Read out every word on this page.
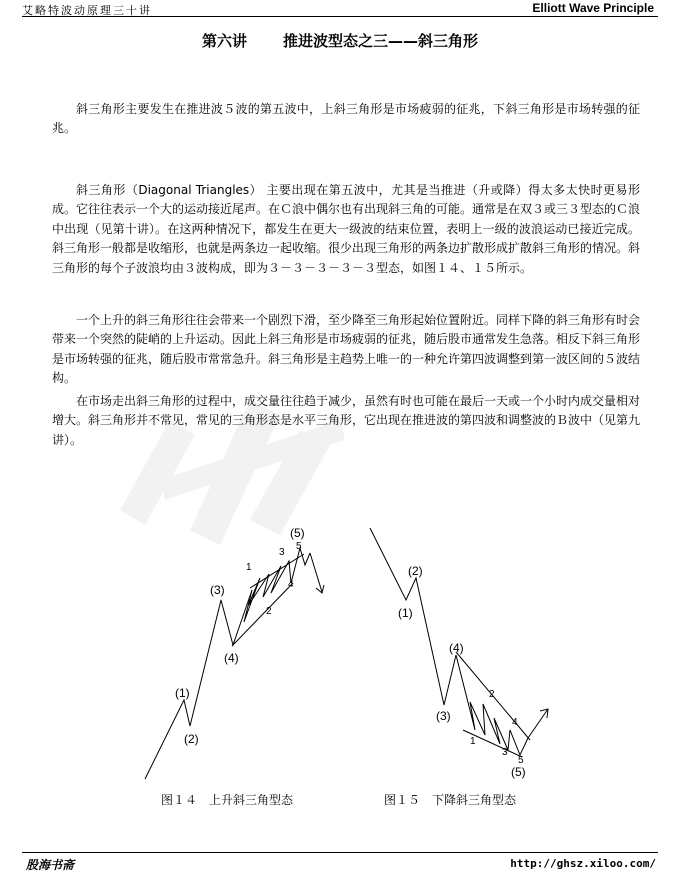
艾略特波动原理三十讲	Elliott Wave Principle
第六讲 推进波型态之三——斜三角形

斜三角形主要发生在推进波５波的第五波中，上斜三角形是市场疲弱的征兆，下斜三角形是市场转强的征兆。

斜三角形（Diagonal Triangles） 主要出现在第五波中，尤其是当推进（升或降）得太多太快时更易形成。它往往表示一个大的运动接近尾声。在Ｃ浪中偶尔也有出现斜三角的可能。通常是在双３或三３型态的Ｃ浪中出现（见第十讲）。在这两种情况下，都发生在更大一级波的结束位置，表明上一级的波浪运动已接近完成。斜三角形一般都是收缩形，也就是两条边一起收缩。很少出现三角形的两条边扩散形成扩散斜三角形的情况。斜三角形的每个子波浪均由３波构成，即为３－３－３－３－３型态，如图１４、１５所示。

一个上升的斜三角形往往会带来一个剧烈下滑，至少降至三角形起始位置附近。同样下降的斜三角形有时会带来一个突然的陡峭的上升运动。因此上斜三角形是市场疲弱的征兆，随后股市通常发生急落。相反下斜三角形是市场转强的征兆，随后股市常常急升。斜三角形是主趋势上唯一的一种允许第四波调整到第一波区间的５波结构。

在市场走出斜三角形的过程中，成交量往往趋于减少，虽然有时也可能在最后一天或一个小时内成交量相对增大。斜三角形并不常见，常见的三角形态是水平三角形，它出现在推进波的第四波和调整波的Ｂ波中（见第九讲）。

(1)
(2)
(3)
(4)
(5)
1
2
3
4
5
(1)
(2)
(3)
(4)
(5)
1
2
3
4
5
图１４　上升斜三角型态	图１５　下降斜三角型态
股海书斋	http://ghsz.xiloo.com/
